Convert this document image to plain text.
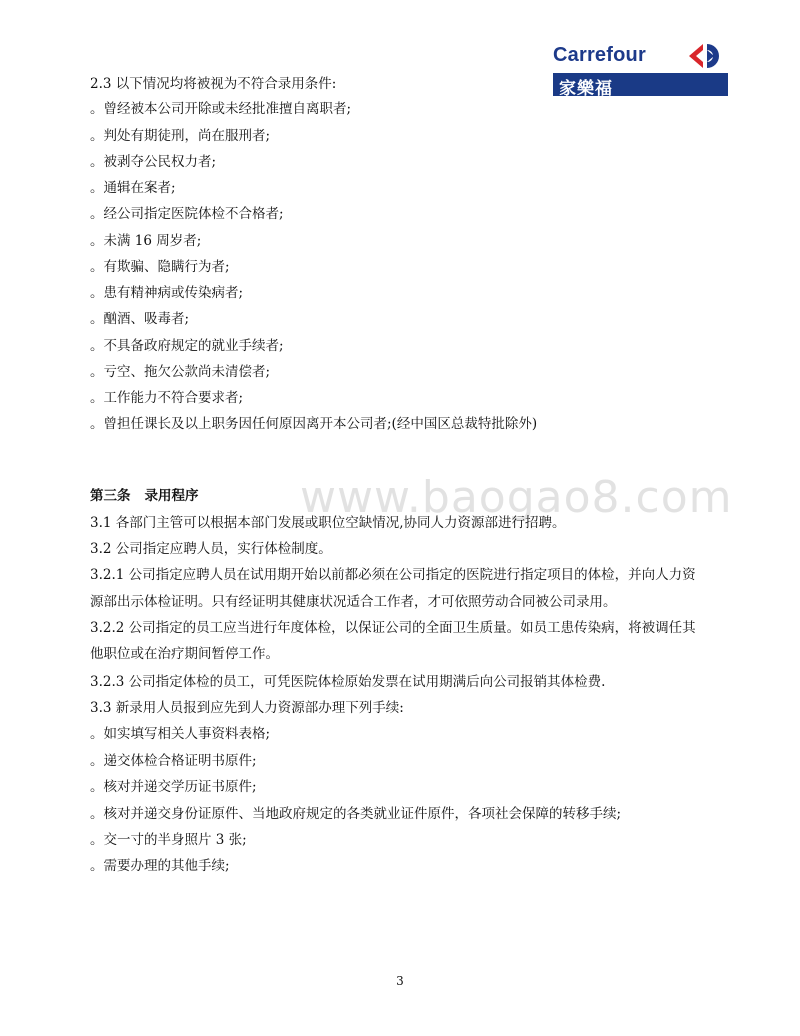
Carrefour
家樂福
www.baogao8.com
2.3 以下情况均将被视为不符合录用条件:
。曾经被本公司开除或未经批准擅自离职者;
。判处有期徒刑，尚在服刑者;
。被剥夺公民权力者;
。通辑在案者;
。经公司指定医院体检不合格者;
。未满 16 周岁者;
。有欺骗、隐瞒行为者;
。患有精神病或传染病者;
。酗酒、吸毒者;
。不具备政府规定的就业手续者;
。亏空、拖欠公款尚未清偿者;
。工作能力不符合要求者;
。曾担任课长及以上职务因任何原因离开本公司者;(经中国区总裁特批除外)
第三条 录用程序
3.1 各部门主管可以根据本部门发展或职位空缺情况,协同人力资源部进行招聘。
3.2 公司指定应聘人员，实行体检制度。
3.2.1 公司指定应聘人员在试用期开始以前都必须在公司指定的医院进行指定项目的体检，并向人力资
源部出示体检证明。只有经证明其健康状况适合工作者，才可依照劳动合同被公司录用。
3.2.2 公司指定的员工应当进行年度体检，以保证公司的全面卫生质量。如员工患传染病，将被调任其
他职位或在治疗期间暂停工作。
3.2.3 公司指定体检的员工，可凭医院体检原始发票在试用期满后向公司报销其体检费.
3.3 新录用人员报到应先到人力资源部办理下列手续:
。如实填写相关人事资料表格;
。递交体检合格证明书原件;
。核对并递交学历证书原件;
。核对并递交身份证原件、当地政府规定的各类就业证件原件，各项社会保障的转移手续;
。交一寸的半身照片 3 张;
。需要办理的其他手续;
3
